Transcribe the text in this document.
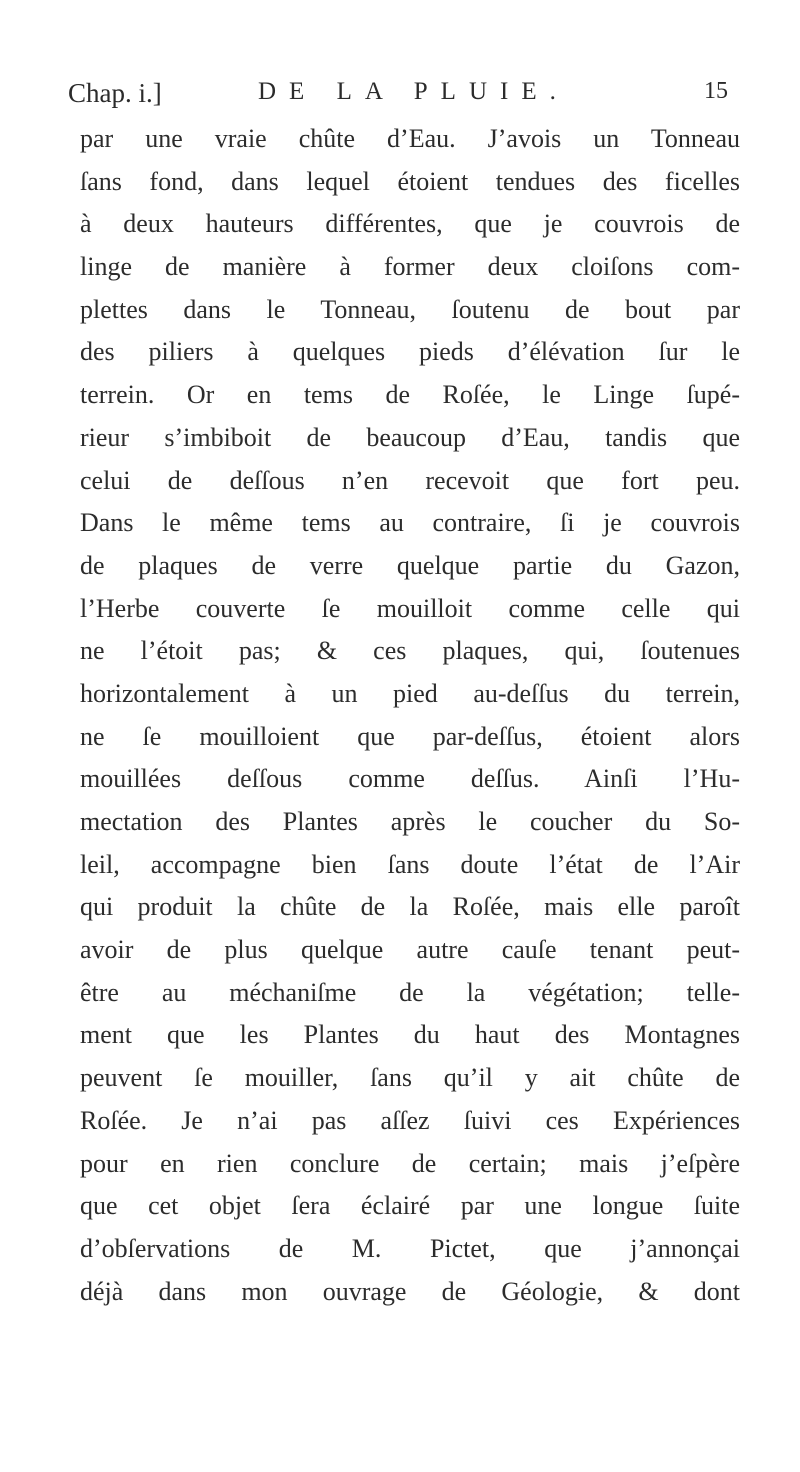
Chap. i.]	DE LA PLUIE.	15
par une vraie chûte d’Eau. J’avois un Tonneau
ſans fond, dans lequel étoient tendues des ficelles
à deux hauteurs différentes, que je couvrois de
linge de manière à former deux cloiſons com-
plettes dans le Tonneau, ſoutenu de bout par
des piliers à quelques pieds d’élévation ſur le
terrein. Or en tems de Roſée, le Linge ſupé-
rieur s’imbiboit de beaucoup d’Eau, tandis que
celui de deſſous n’en recevoit que fort peu.
Dans le même tems au contraire, ſi je couvrois
de plaques de verre quelque partie du Gazon,
l’Herbe couverte ſe mouilloit comme celle qui
ne l’étoit pas; & ces plaques, qui, ſoutenues
horizontalement à un pied au-deſſus du terrein,
ne ſe mouilloient que par-deſſus, étoient alors
mouillées deſſous comme deſſus. Ainſi l’Hu-
mectation des Plantes après le coucher du So-
leil, accompagne bien ſans doute l’état de l’Air
qui produit la chûte de la Roſée, mais elle paroît
avoir de plus quelque autre cauſe tenant peut-
être au méchaniſme de la végétation; telle-
ment que les Plantes du haut des Montagnes
peuvent ſe mouiller, ſans qu’il y ait chûte de
Roſée. Je n’ai pas aſſez ſuivi ces Expériences
pour en rien conclure de certain; mais j’eſpère
que cet objet ſera éclairé par une longue ſuite
d’obſervations de M. Pictet, que j’annonçai
déjà dans mon ouvrage de Géologie, & dont
